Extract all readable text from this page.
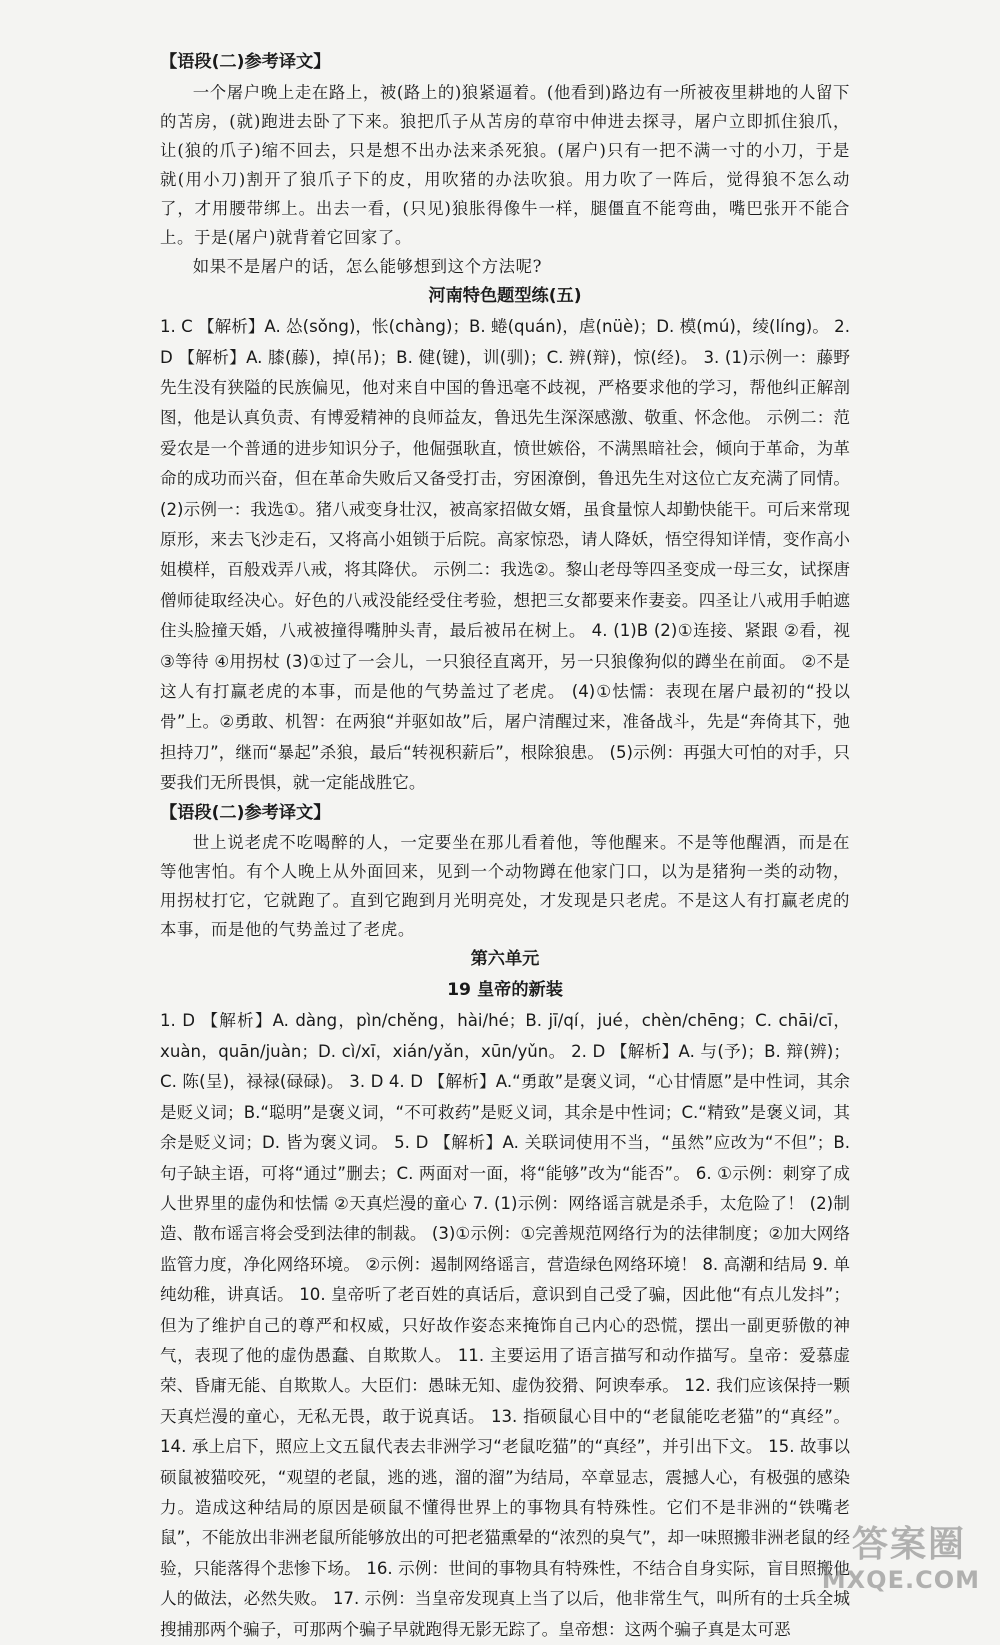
【语段(二)参考译文】

一个屠户晚上走在路上，被(路上的)狼紧逼着。(他看到)路边有一所被夜里耕地的人留下的苫房，(就)跑进去卧了下来。狼把爪子从苫房的草帘中伸进去探寻，屠户立即抓住狼爪，让(狼的爪子)缩不回去，只是想不出办法来杀死狼。(屠户)只有一把不满一寸的小刀，于是就(用小刀)割开了狼爪子下的皮，用吹猪的办法吹狼。用力吹了一阵后，觉得狼不怎么动了，才用腰带绑上。出去一看，(只见)狼胀得像牛一样，腿僵直不能弯曲，嘴巴张开不能合上。于是(屠户)就背着它回家了。

如果不是屠户的话，怎么能够想到这个方法呢?

河南特色题型练(五)

1. C 【解析】A. 怂(sǒng)，怅(chàng)；B. 蜷(quán)，虐(nüè)；D. 模(mú)，绫(líng)。 2. D 【解析】A. 膝(藤)，掉(吊)；B. 健(键)，训(驯)；C. 辨(辩)，惊(经)。 3. (1)示例一：藤野先生没有狭隘的民族偏见，他对来自中国的鲁迅毫不歧视，严格要求他的学习，帮他纠正解剖图，他是认真负责、有博爱精神的良师益友，鲁迅先生深深感激、敬重、怀念他。 示例二：范爱农是一个普通的进步知识分子，他倔强耿直，愤世嫉俗，不满黑暗社会，倾向于革命，为革命的成功而兴奋，但在革命失败后又备受打击，穷困潦倒，鲁迅先生对这位亡友充满了同情。 (2)示例一：我选①。猪八戒变身壮汉，被高家招做女婿，虽食量惊人却勤快能干。可后来常现原形，来去飞沙走石，又将高小姐锁于后院。高家惊恐，请人降妖，悟空得知详情，变作高小姐模样，百般戏弄八戒，将其降伏。 示例二：我选②。黎山老母等四圣变成一母三女，试探唐僧师徒取经决心。好色的八戒没能经受住考验，想把三女都要来作妻妾。四圣让八戒用手帕遮住头脸撞天婚，八戒被撞得嘴肿头青，最后被吊在树上。 4. (1)B (2)①连接、紧跟 ②看，视 ③等待 ④用拐杖 (3)①过了一会儿，一只狼径直离开，另一只狼像狗似的蹲坐在前面。 ②不是这人有打赢老虎的本事，而是他的气势盖过了老虎。 (4)①怯懦：表现在屠户最初的“投以骨”上。②勇敢、机智：在两狼“并驱如故”后，屠户清醒过来，准备战斗，先是“奔倚其下，弛担持刀”，继而“暴起”杀狼，最后“转视积薪后”，根除狼患。 (5)示例：再强大可怕的对手，只要我们无所畏惧，就一定能战胜它。

【语段(二)参考译文】

世上说老虎不吃喝醉的人，一定要坐在那儿看着他，等他醒来。不是等他醒酒，而是在等他害怕。有个人晚上从外面回来，见到一个动物蹲在他家门口，以为是猪狗一类的动物，用拐杖打它，它就跑了。直到它跑到月光明亮处，才发现是只老虎。不是这人有打赢老虎的本事，而是他的气势盖过了老虎。

第六单元
19 皇帝的新装

1. D 【解析】A. dàng，pìn/chěng，hài/hé；B. jī/qí，jué，chèn/chēng；C. chāi/cī，xuàn，quān/juàn；D. cì/xī，xián/yǎn，xūn/yǔn。 2. D 【解析】A. 与(予)；B. 辩(辨)；C. 陈(呈)，禄禄(碌碌)。 3. D 4. D 【解析】A.“勇敢”是褒义词，“心甘情愿”是中性词，其余是贬义词；B.“聪明”是褒义词，“不可救药”是贬义词，其余是中性词；C.“精致”是褒义词，其余是贬义词；D. 皆为褒义词。 5. D 【解析】A. 关联词使用不当，“虽然”应改为“不但”；B. 句子缺主语，可将“通过”删去；C. 两面对一面，将“能够”改为“能否”。 6. ①示例：刺穿了成人世界里的虚伪和怯懦 ②天真烂漫的童心 7. (1)示例：网络谣言就是杀手，太危险了！ (2)制造、散布谣言将会受到法律的制裁。 (3)①示例：①完善规范网络行为的法律制度；②加大网络监管力度，净化网络环境。 ②示例：遏制网络谣言，营造绿色网络环境！ 8. 高潮和结局 9. 单纯幼稚，讲真话。 10. 皇帝听了老百姓的真话后，意识到自己受了骗，因此他“有点儿发抖”；但为了维护自己的尊严和权威，只好故作姿态来掩饰自己内心的恐慌，摆出一副更骄傲的神气，表现了他的虚伪愚蠢、自欺欺人。 11. 主要运用了语言描写和动作描写。皇帝：爱慕虚荣、昏庸无能、自欺欺人。大臣们：愚昧无知、虚伪狡猾、阿谀奉承。 12. 我们应该保持一颗天真烂漫的童心，无私无畏，敢于说真话。 13. 指硕鼠心目中的“老鼠能吃老猫”的“真经”。 14. 承上启下，照应上文五鼠代表去非洲学习“老鼠吃猫”的“真经”，并引出下文。 15. 故事以硕鼠被猫咬死，“观望的老鼠，逃的逃，溜的溜”为结局，卒章显志，震撼人心，有极强的感染力。造成这种结局的原因是硕鼠不懂得世界上的事物具有特殊性。它们不是非洲的“铁嘴老鼠”，不能放出非洲老鼠所能够放出的可把老猫熏晕的“浓烈的臭气”，却一味照搬非洲老鼠的经验，只能落得个悲惨下场。 16. 示例：世间的事物具有特殊性，不结合自身实际，盲目照搬他人的做法，必然失败。 17. 示例：当皇帝发现真上当了以后，他非常生气，叫所有的士兵全城搜捕那两个骗子，可那两个骗子早就跑得无影无踪了。皇帝想：这两个骗子真是太可恶

答案圈
MXQE.COM
